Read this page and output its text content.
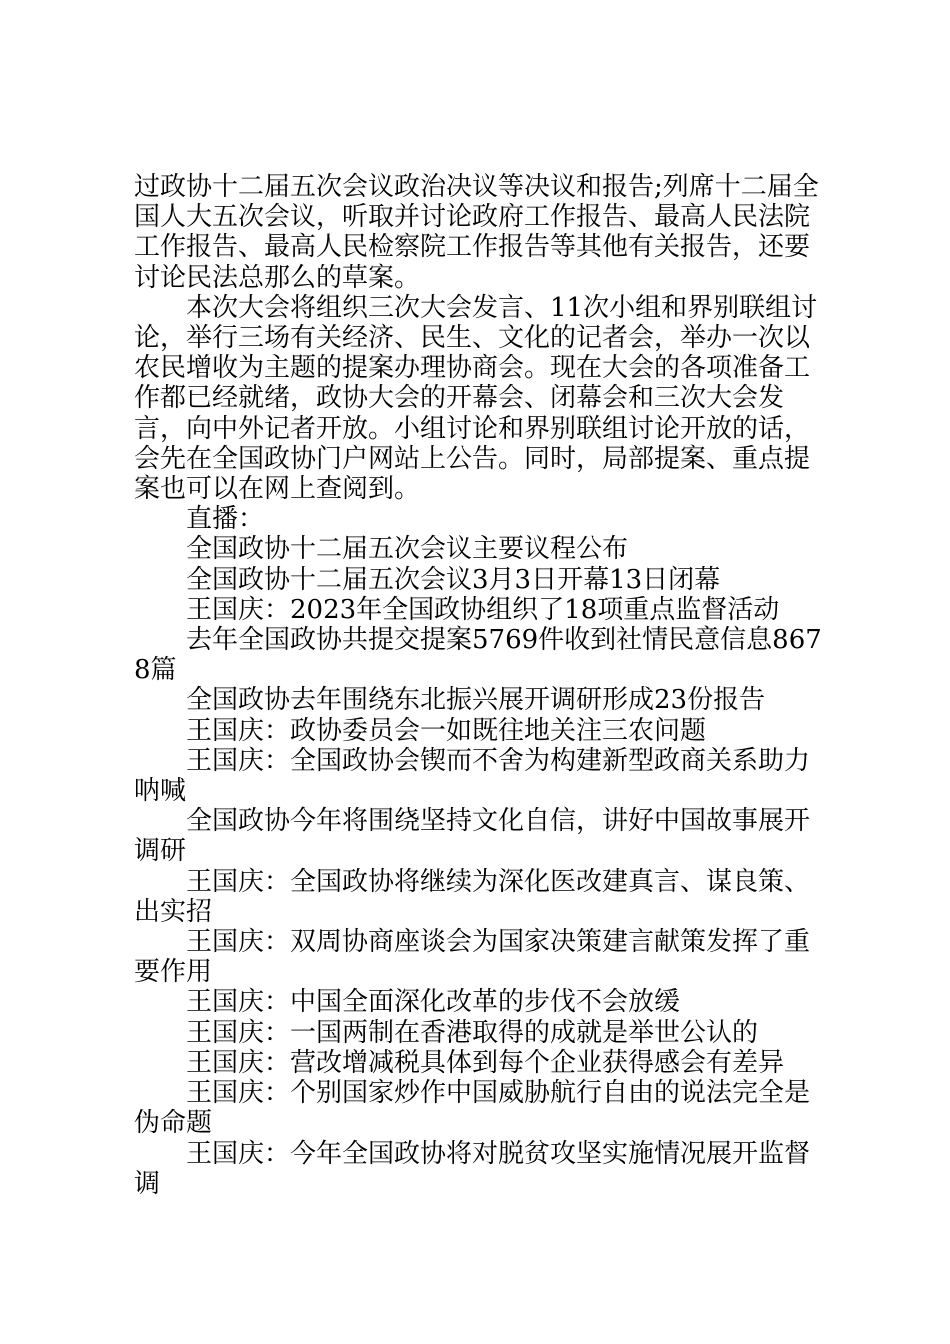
过政协十二届五次会议政治决议等决议和报告;列席十二届全国人大五次会议，听取并讨论政府工作报告、最高人民法院工作报告、最高人民检察院工作报告等其他有关报告，还要讨论民法总那么的草案。

本次大会将组织三次大会发言、11次小组和界别联组讨论，举行三场有关经济、民生、文化的记者会，举办一次以农民增收为主题的提案办理协商会。现在大会的各项准备工作都已经就绪，政协大会的开幕会、闭幕会和三次大会发言，向中外记者开放。小组讨论和界别联组讨论开放的话，会先在全国政协门户网站上公告。同时，局部提案、重点提案也可以在网上查阅到。

直播：

全国政协十二届五次会议主要议程公布

全国政协十二届五次会议3月3日开幕13日闭幕

王国庆：2023年全国政协组织了18项重点监督活动

去年全国政协共提交提案5769件收到社情民意信息8678篇

全国政协去年围绕东北振兴展开调研形成23份报告

王国庆：政协委员会一如既往地关注三农问题

王国庆：全国政协会锲而不舍为构建新型政商关系助力呐喊

全国政协今年将围绕坚持文化自信，讲好中国故事展开调研

王国庆：全国政协将继续为深化医改建真言、谋良策、出实招

王国庆：双周协商座谈会为国家决策建言献策发挥了重要作用

王国庆：中国全面深化改革的步伐不会放缓

王国庆：一国两制在香港取得的成就是举世公认的

王国庆：营改增减税具体到每个企业获得感会有差异

王国庆：个别国家炒作中国威胁航行自由的说法完全是伪命题

王国庆：今年全国政协将对脱贫攻坚实施情况展开监督调
